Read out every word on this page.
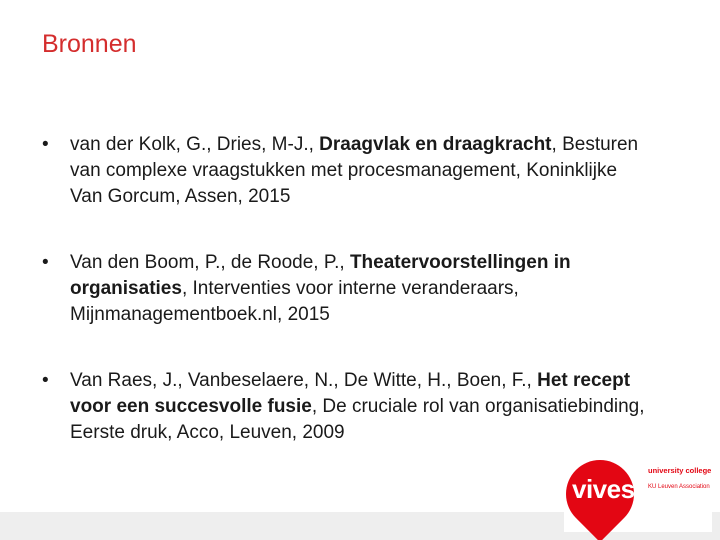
Bronnen
• van der Kolk, G., Dries, M-J., Draagvlak en draagkracht, Besturen van complexe vraagstukken met procesmanagement, Koninklijke Van Gorcum, Assen, 2015
• Van den Boom, P., de Roode, P., Theatervoorstellingen in organisaties, Interventies voor interne veranderaars, Mijnmanagementboek.nl, 2015
• Van Raes, J., Vanbeselaere, N., De Witte, H., Boen, F., Het recept voor een succesvolle fusie, De cruciale rol van organisatiebinding, Eerste druk, Acco, Leuven, 2009
vives
university college
KU Leuven Association
